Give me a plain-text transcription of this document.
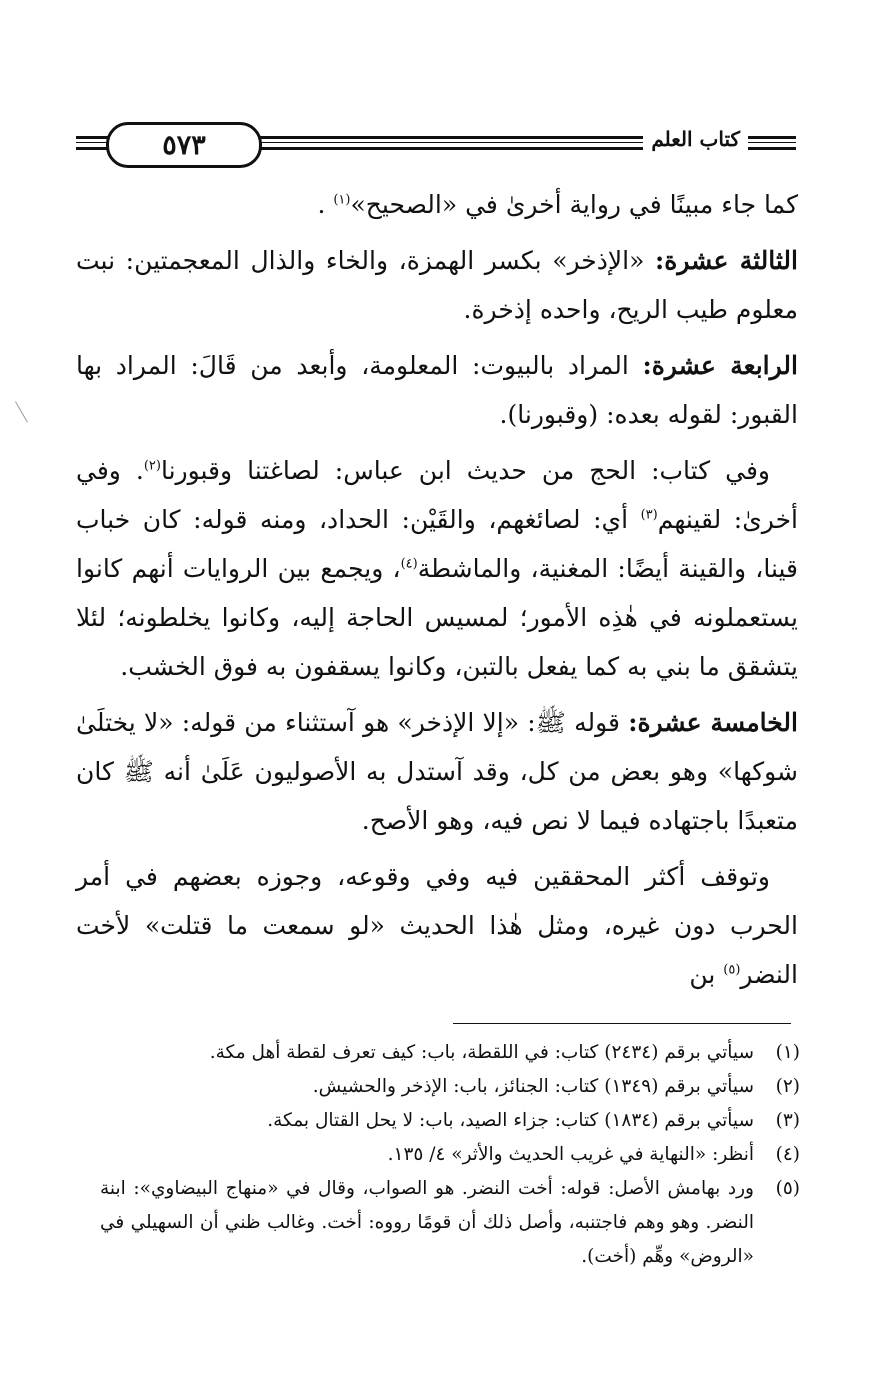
٥٧٣	كتاب العلم

كما جاء مبينًا في رواية أخرىٰ في «الصحيح»$^{(١)}$ .

الثالثة عشرة: «الإذخر» بكسر الهمزة، والخاء والذال المعجمتين: نبت معلوم طيب الريح، واحده إذخرة.

الرابعة عشرة: المراد بالبيوت: المعلومة، وأبعد من قَالَ: المراد بها القبور: لقوله بعده: (وقبورنا).

وفي كتاب: الحج من حديث ابن عباس: لصاغتنا وقبورنا$^{(٢)}$. وفي أخرىٰ: لقينهم$^{(٣)}$ أي: لصائغهم، والقَيْن: الحداد، ومنه قوله: كان خباب قينا، والقينة أيضًا: المغنية، والماشطة$^{(٤)}$، ويجمع بين الروايات أنهم كانوا يستعملونه في هٰذِه الأمور؛ لمسيس الحاجة إليه، وكانوا يخلطونه؛ لئلا يتشقق ما بني به كما يفعل بالتبن، وكانوا يسقفون به فوق الخشب.

الخامسة عشرة: قوله ﷺ: «إلا الإذخر» هو آستثناء من قوله: «لا يختلَىٰ شوكها» وهو بعض من كل، وقد آستدل به الأصوليون عَلَىٰ أنه ﷺ كان متعبدًا باجتهاده فيما لا نص فيه، وهو الأصح.

وتوقف أكثر المحققين فيه وفي وقوعه، وجوزه بعضهم في أمر الحرب دون غيره، ومثل هٰذا الحديث «لو سمعت ما قتلت» لأخت النضر$^{(٥)}$ بن

(١)
سيأتي برقم (٢٤٣٤) كتاب: في اللقطة، باب: كيف تعرف لقطة أهل مكة.
(٢)
سيأتي برقم (١٣٤٩) كتاب: الجنائز، باب: الإذخر والحشيش.
(٣)
سيأتي برقم (١٨٣٤) كتاب: جزاء الصيد، باب: لا يحل القتال بمكة.
(٤)
أنظر: «النهاية في غريب الحديث والأثر» ٤/ ١٣٥.
(٥)
ورد بهامش الأصل: قوله: أخت النضر. هو الصواب، وقال في «منهاج البيضاوي»: ابنة النضر. وهو وهم فاجتنبه، وأصل ذلك أن قومًا رووه: أخت. وغالب ظني أن السهيلي في «الروض» وهِّم (أخت).
